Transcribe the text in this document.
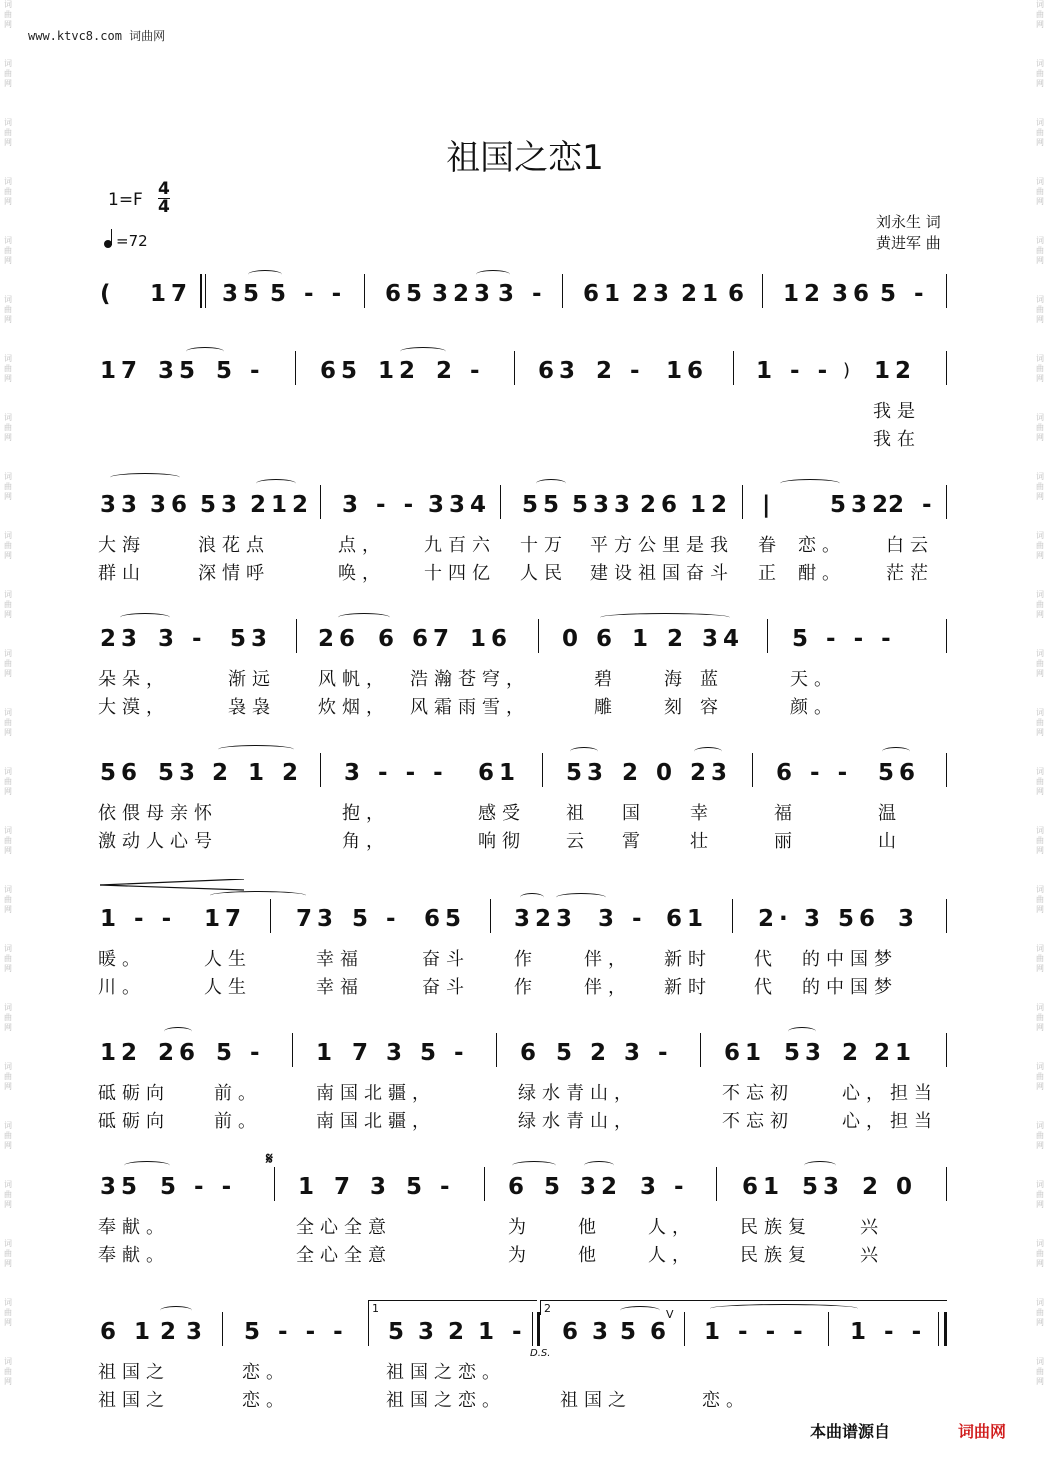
词
曲
网
词
曲
网
词
曲
网
词
曲
网
词
曲
网
词
曲
网
词
曲
网
词
曲
网
词
曲
网
词
曲
网
词
曲
网
词
曲
网
词
曲
网
词
曲
网
词
曲
网
词
曲
网
词
曲
网
词
曲
网
词
曲
网
词
曲
网
词
曲
网
词
曲
网
词
曲
网
词
曲
网
词
曲
网
词
曲
网
词
曲
网
词
曲
网
词
曲
网
词
曲
网
词
曲
网
词
曲
网
词
曲
网
词
曲
网
词
曲
网
词
曲
网
词
曲
网
词
曲
网
词
曲
网
词
曲
网
词
曲
网
词
曲
网
词
曲
网
词
曲
网
词
曲
网
词
曲
网
词
曲
网
词
曲
网
www.ktvc8.com 词曲网
祖国之恋1
1=F
4
4
=72
刘永生 词
黄进军 曲
( 17 35 5 - - 65 323 3 - 61 23 21 6 12 36 5 -
17 35 5 - 65 12 2 - 63 2 - 16 1 - - ) 12
我是
我在
33 36 53 212 3 - - 334 55 533 26 12 | 532
2 -
大海	浪花点	点， 九百六 十万 平方公里 是我 眷 恋。 白云
群山	深情呼	唤， 十四亿 人民 建设祖国 奋斗 正 酣。 茫茫
23 3 - 53 26 6 67 16 0 6 1 2 34 5 - - -
朵朵，	渐远 风帆， 浩瀚苍穹，	碧	海 蓝	天。
大漠，	袅袅 炊烟， 风霜雨雪，	雕	刻 容	颜。
56 53 2 1 2 3 - - - 61 53 2 0 23 6 - - 56
依偎母亲怀	抱，	感受 祖 国 幸	福	温
激动人心号	角，	响彻 云 霄 壮	丽	山
1 - - 17 73 5 - 65 323 3 - 61 2· 3 56 3
暖。	人生	幸福	奋斗 作	伴， 新时 代 的中国梦
川。	人生	幸福	奋斗 作	伴， 新时 代 的中国梦
12 26 5 - 1 7 3 5 - 6 5 2 3 - 61 53 2 21
砥砺向 前。	南国北疆，	绿水青山，	不忘初	心，担当
砥砺向 前。	南国北疆，	绿水青山，	不忘初	心，担当
𝄋
35 5 - -	1 7 3 5 - 6 5 32 3 - 61 53 2 0
奉献。	全心全意	为	他	人， 民族复	兴
奉献。	全心全意	为	他	人， 民族复	兴
1	2
6 1 2 3 5 - - - 5 3 2 1 - 6 3 5 6 1 - - - 1 - -
V
D.S.
祖国之	恋。	祖国之恋。
祖国之	恋。	祖国之恋。	祖国之	恋。
本曲谱源自	词曲网
